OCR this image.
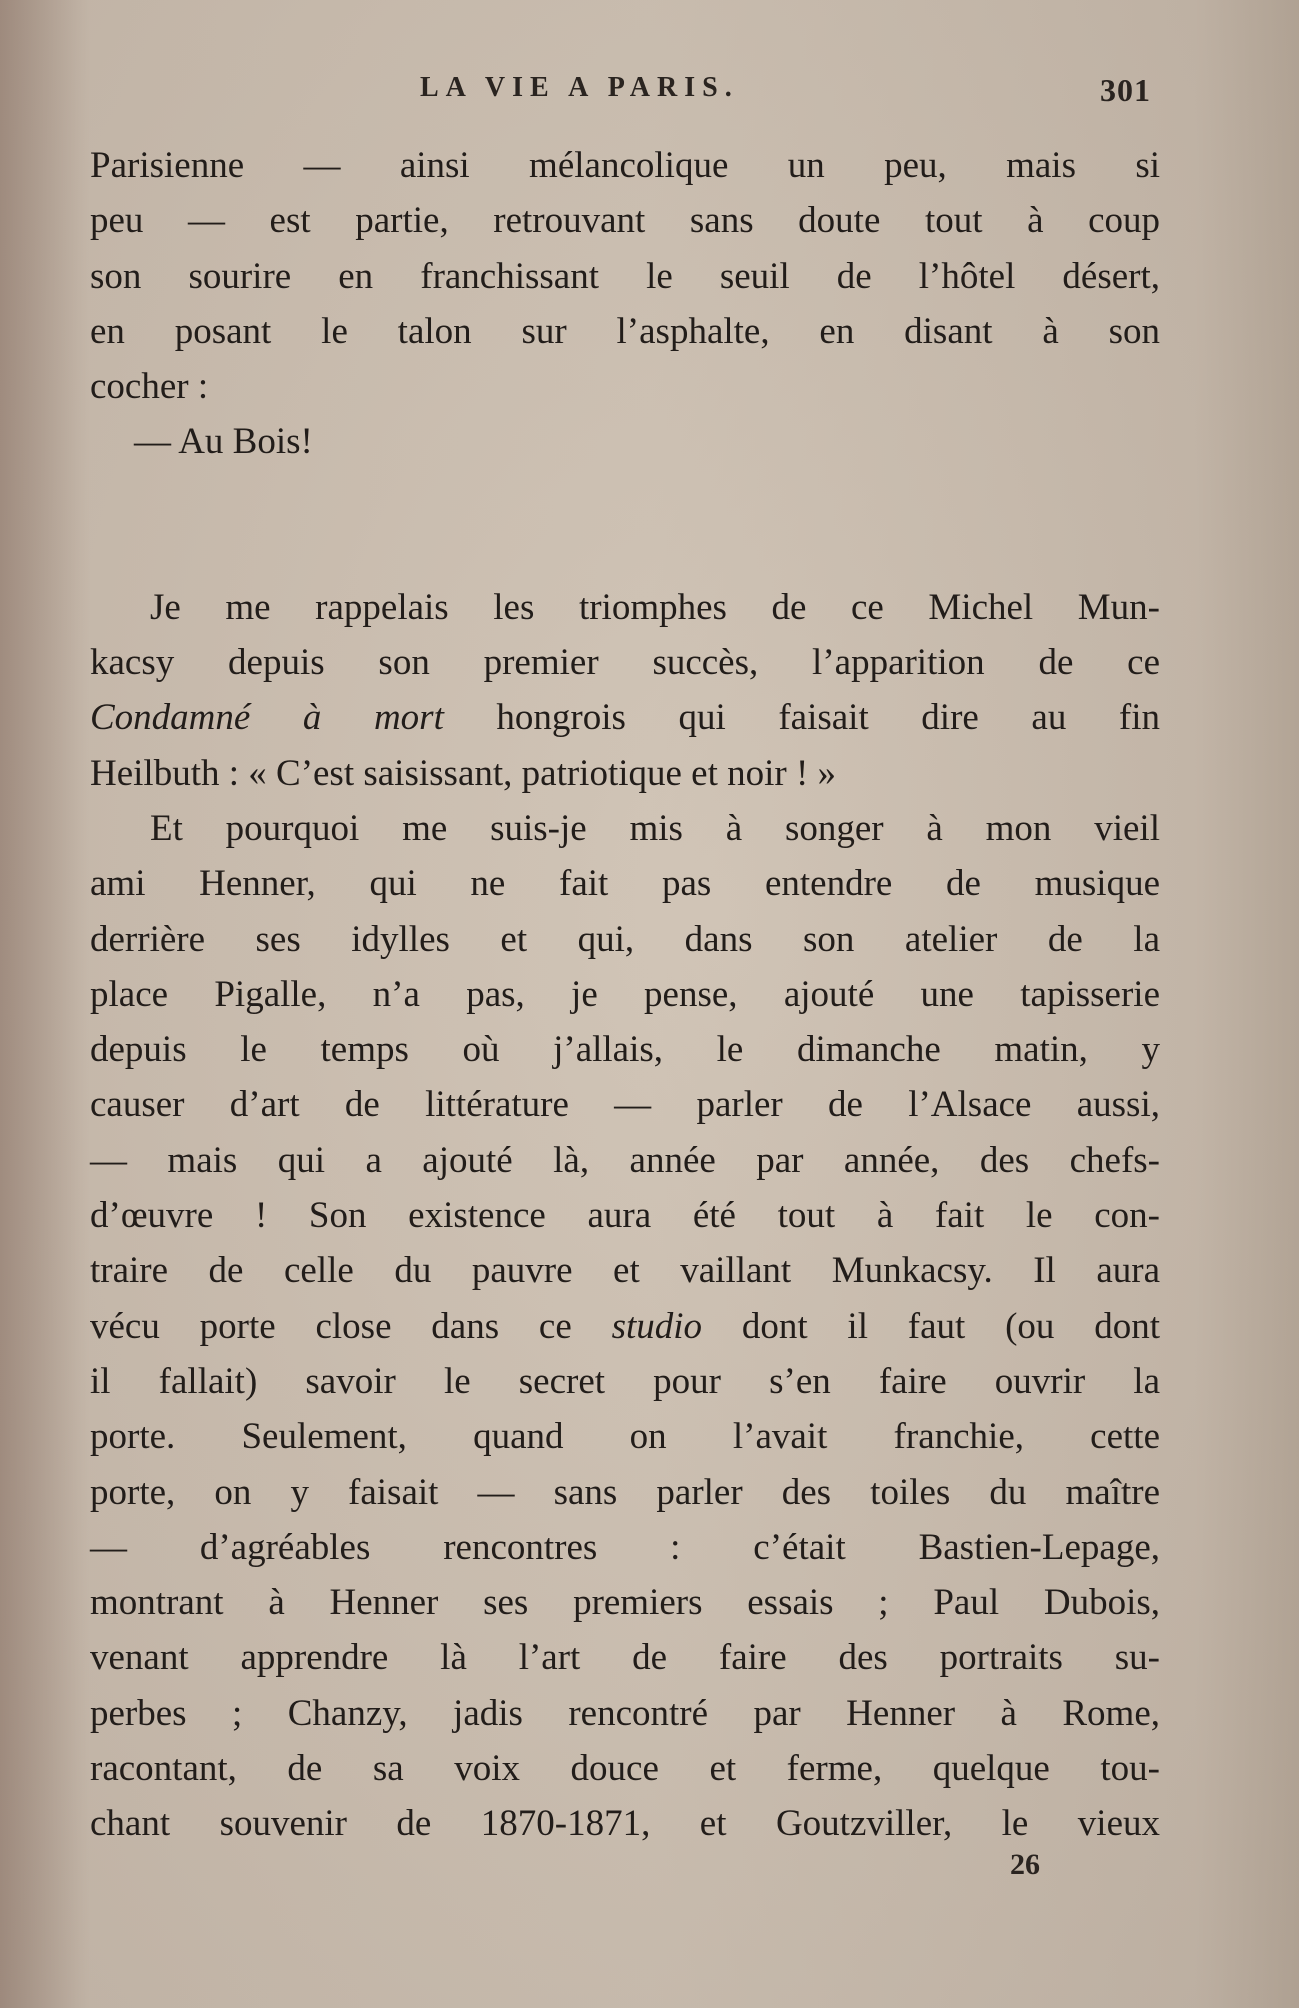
LA VIE A PARIS.	301
Parisienne — ainsi mélancolique un peu, mais si
peu — est partie, retrouvant sans doute tout à coup
son sourire en franchissant le seuil de l’hôtel désert,
en posant le talon sur l’asphalte, en disant à son
cocher :
— Au Bois!
Je me rappelais les triomphes de ce Michel Mun-
kacsy depuis son premier succès, l’apparition de ce
Condamné à mort hongrois qui faisait dire au fin
Heilbuth : « C’est saisissant, patriotique et noir ! »
Et pourquoi me suis-je mis à songer à mon vieil
ami Henner, qui ne fait pas entendre de musique
derrière ses idylles et qui, dans son atelier de la
place Pigalle, n’a pas, je pense, ajouté une tapisserie
depuis le temps où j’allais, le dimanche matin, y
causer d’art de littérature — parler de l’Alsace aussi,
— mais qui a ajouté là, année par année, des chefs-
d’œuvre ! Son existence aura été tout à fait le con-
traire de celle du pauvre et vaillant Munkacsy. Il aura
vécu porte close dans ce studio dont il faut (ou dont
il fallait) savoir le secret pour s’en faire ouvrir la
porte. Seulement, quand on l’avait franchie, cette
porte, on y faisait — sans parler des toiles du maître
— d’agréables rencontres : c’était Bastien-Lepage,
montrant à Henner ses premiers essais ; Paul Dubois,
venant apprendre là l’art de faire des portraits su-
perbes ; Chanzy, jadis rencontré par Henner à Rome,
racontant, de sa voix douce et ferme, quelque tou-
chant souvenir de 1870-1871, et Goutzviller, le vieux
26
